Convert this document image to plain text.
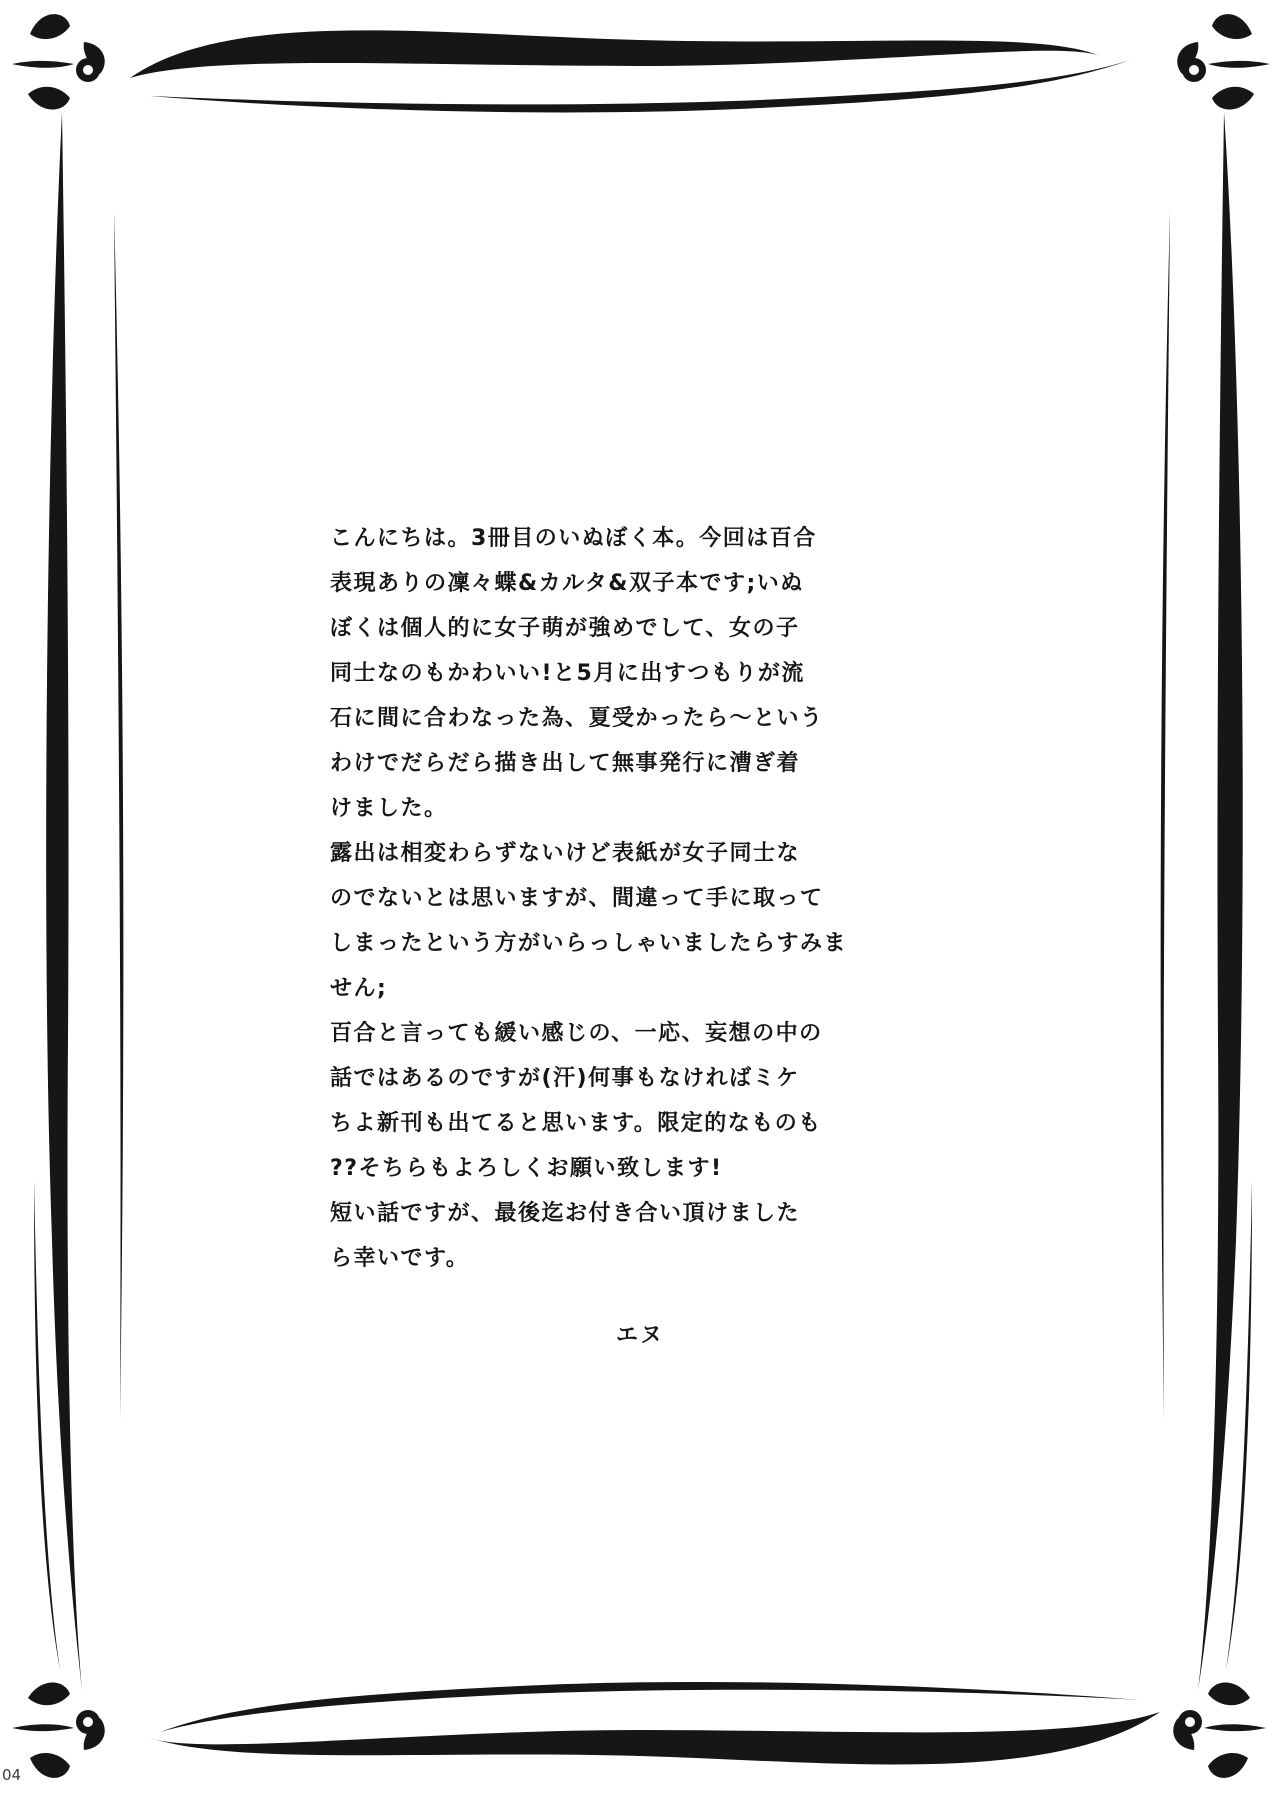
こんにちは。3冊目のいぬぼく本。今回は百合
表現ありの凜々蝶&カルタ&双子本です;いぬ
ぼくは個人的に女子萌が強めでして、女の子
同士なのもかわいい!と5月に出すつもりが流
石に間に合わなった為、夏受かったら～という
わけでだらだら描き出して無事発行に漕ぎ着
けました。
露出は相変わらずないけど表紙が女子同士な
のでないとは思いますが、間違って手に取って
しまったという方がいらっしゃいましたらすみま
せん;
百合と言っても緩い感じの、一応、妄想の中の
話ではあるのですが(汗)何事もなければミケ
ちよ新刊も出てると思います。限定的なものも
??そちらもよろしくお願い致します!
短い話ですが、最後迄お付き合い頂けました
ら幸いです。
エヌ
04
